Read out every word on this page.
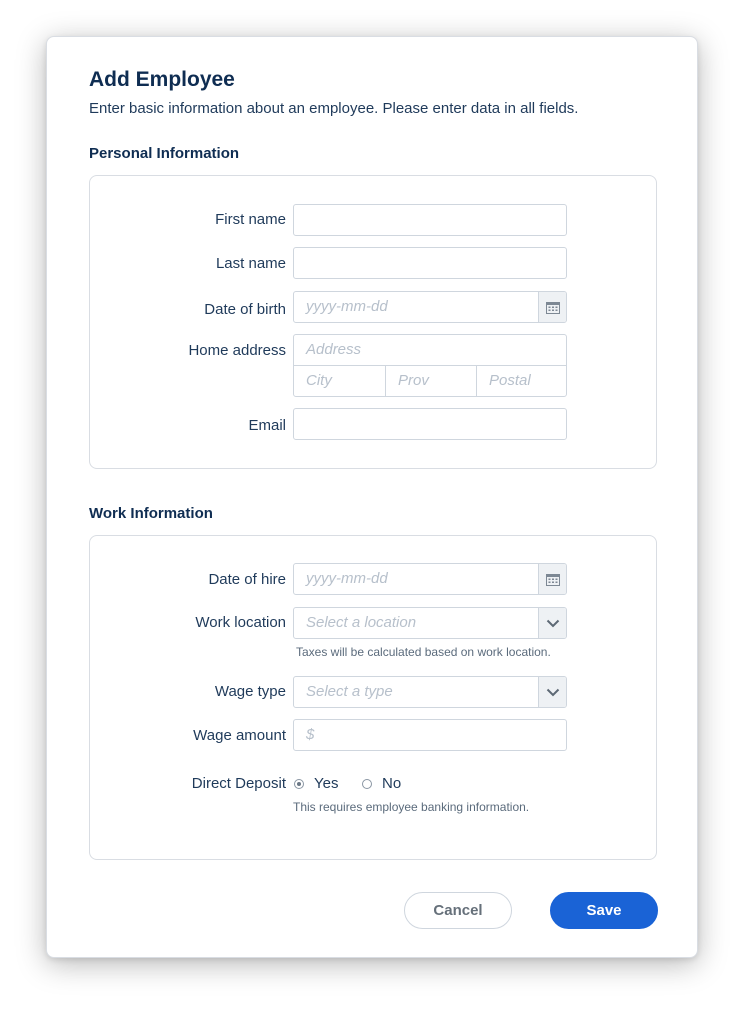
Add Employee
Enter basic information about an employee. Please enter data in all fields.
Personal Information
First name
Last name
Date of birth	yyyy-mm-dd
Home address	Address
City	Prov	Postal
Email
Work Information
Date of hire	yyyy-mm-dd
Work location	Select a location
Taxes will be calculated based on work location.
Wage type	Select a type
Wage amount	$
Direct Deposit Yes	No
This requires employee banking information.
Cancel	Save
